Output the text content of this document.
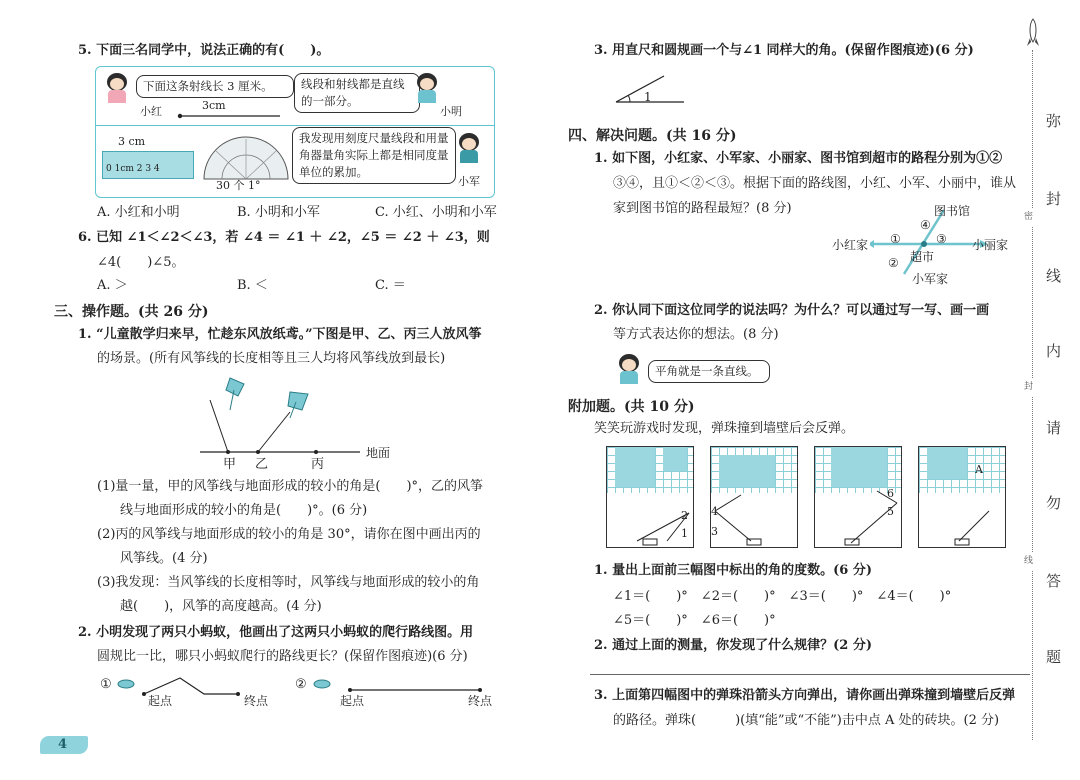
5. 下面三名同学中，说法正确的有(　　)。
下面这条射线长 3 厘米。
小红	3cm
线段和射线都是直线的一部分。
小明
3 cm
0 1cm 2 3 4
30 个 1°
我发现用刻度尺量线段和用量角器量角实际上都是相同度量单位的累加。
小军
A. 小红和小明	B. 小明和小军	C. 小红、小明和小军
6. 已知 ∠1＜∠2＜∠3，若 ∠4 ＝ ∠1 ＋ ∠2，∠5 ＝ ∠2 ＋ ∠3，则
∠4(　　)∠5。
A. ＞	B. ＜	C. ＝
三、操作题。(共 26 分)
1. “儿童散学归来早，忙趁东风放纸鸢。”下图是甲、乙、丙三人放风筝
的场景。(所有风筝线的长度相等且三人均将风筝线放到最长)
地面
甲 乙	丙
(1)量一量，甲的风筝线与地面形成的较小的角是(　　)°，乙的风筝
线与地面形成的较小的角是(　　)°。(6 分)
(2)丙的风筝线与地面形成的较小的角是 30°，请你在图中画出丙的
风筝线。(4 分)
(3)我发现：当风筝线的长度相等时，风筝线与地面形成的较小的角
越(　　)，风筝的高度越高。(4 分)
2. 小明发现了两只小蚂蚁，他画出了这两只小蚂蚁的爬行路线图。用
圆规比一比，哪只小蚂蚁爬行的路线更长？(保留作图痕迹)(6 分)
①	②
起点	终点	起点	终点
4
3. 用直尺和圆规画一个与∠1 同样大的角。(保留作图痕迹)(6 分)
1
四、解决问题。(共 16 分)
1. 如下图，小红家、小军家、小丽家、图书馆到超市的路程分别为①②
③④，且①＜②＜③。根据下面的路线图，小红、小军、小丽中，谁从
家到图书馆的路程最短？(8 分)	图书馆
小红家	小丽家
超市
小军家
①
②
③
④
2. 你认同下面这位同学的说法吗？为什么？可以通过写一写、画一画
等方式表达你的想法。(8 分)
平角就是一条直线。
附加题。(共 10 分)
笑笑玩游戏时发现，弹珠撞到墙壁后会反弹。
2
1
4
3
6
5
A
1. 量出上面前三幅图中标出的角的度数。(6 分)
∠1＝(　　)°　∠2＝(　　)°　∠3＝(　　)°　∠4＝(　　)°
∠5＝(　　)°　∠6＝(　　)°
2. 通过上面的测量，你发现了什么规律？(2 分)
3. 上面第四幅图中的弹珠沿箭头方向弹出，请你画出弹珠撞到墙壁后反弹
的路径。弹珠(　　　)(填“能”或“不能”)击中点 A 处的砖块。(2 分)
弥
封
线
内
请
勿
答
题
密
封
线
